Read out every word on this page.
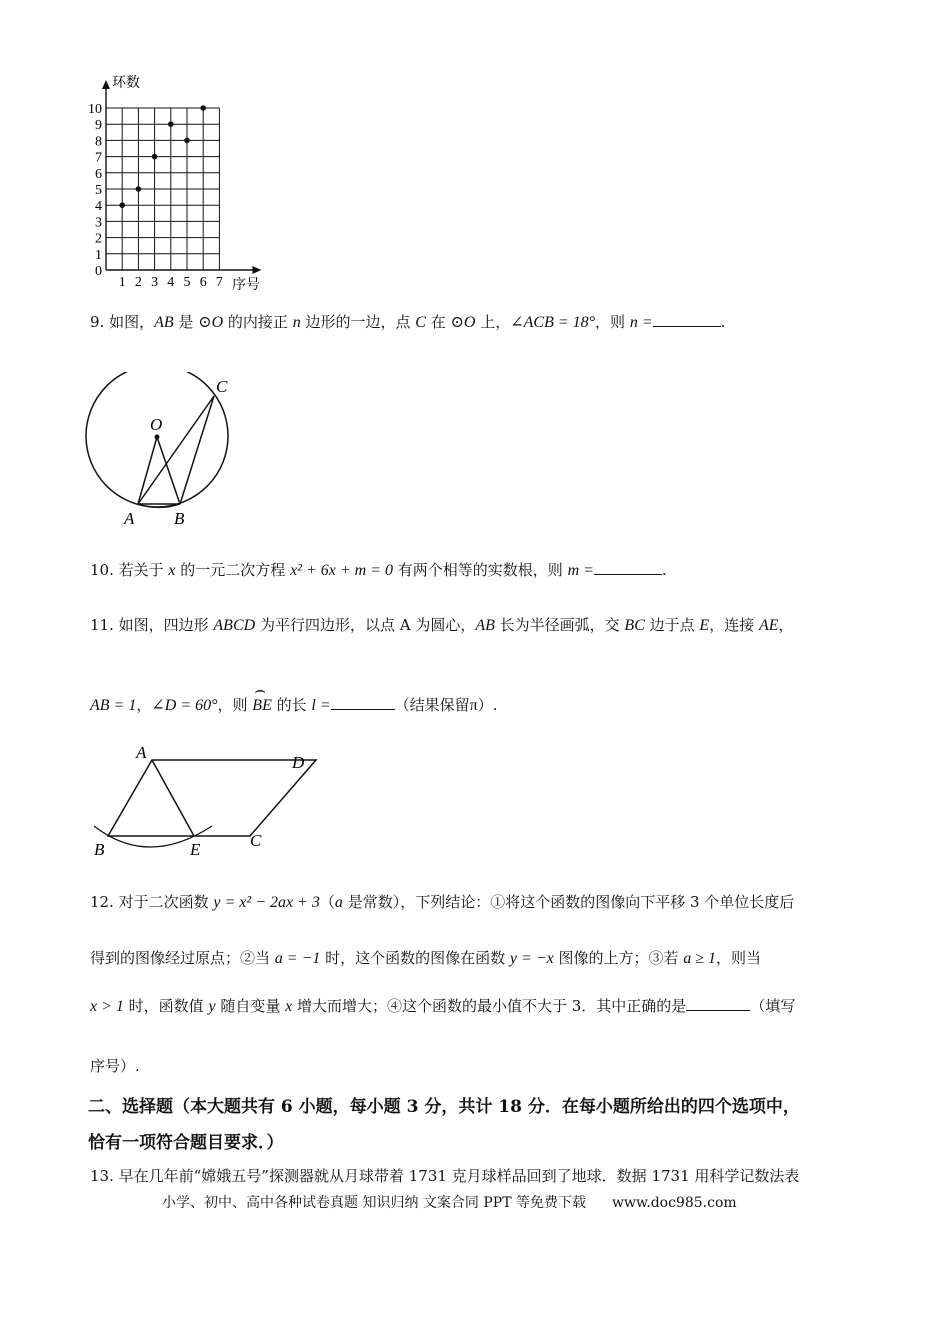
0
1
2
3
4
5
6
7
8
9
10
1 2 3 4 5 6 7
环数
序号
9. 如图，AB 是 ⊙O 的内接正 n 边形的一边，点 C 在 ⊙O 上，∠ACB = 18°，则 n =	.
O
A B
C
10. 若关于 x 的一元二次方程 x² + 6x + m = 0 有两个相等的实数根，则 m =	.
11. 如图，四边形 ABCD 为平行四边形，以点 A 为圆心，AB 长为半径画弧，交 BC 边于点 E，连接 AE，
AB = 1，∠D = 60°，则
⌢
BE 的长 l =	（结果保留π）.
A
D
B	E	C
12. 对于二次函数 y = x² − 2ax + 3（a 是常数），下列结论：①将这个函数的图像向下平移 3 个单位长度后
得到的图像经过原点；②当 a = −1 时，这个函数的图像在函数 y = −x 图像的上方；③若 a ≥ 1，则当
x > 1 时，函数值 y 随自变量 x 增大而增大；④这个函数的最小值不大于 3．其中正确的是	（填写
序号）.
二、选择题（本大题共有 6 小题，每小题 3 分，共计 18 分．在每小题所给出的四个选项中，
恰有一项符合题目要求．）
13. 早在几年前“嫦娥五号”探测器就从月球带着 1731 克月球样品回到了地球．数据 1731 用科学记数法表
小学、初中、高中各种试卷真题 知识归纳 文案合同 PPT 等免费下载 www.doc985.com
